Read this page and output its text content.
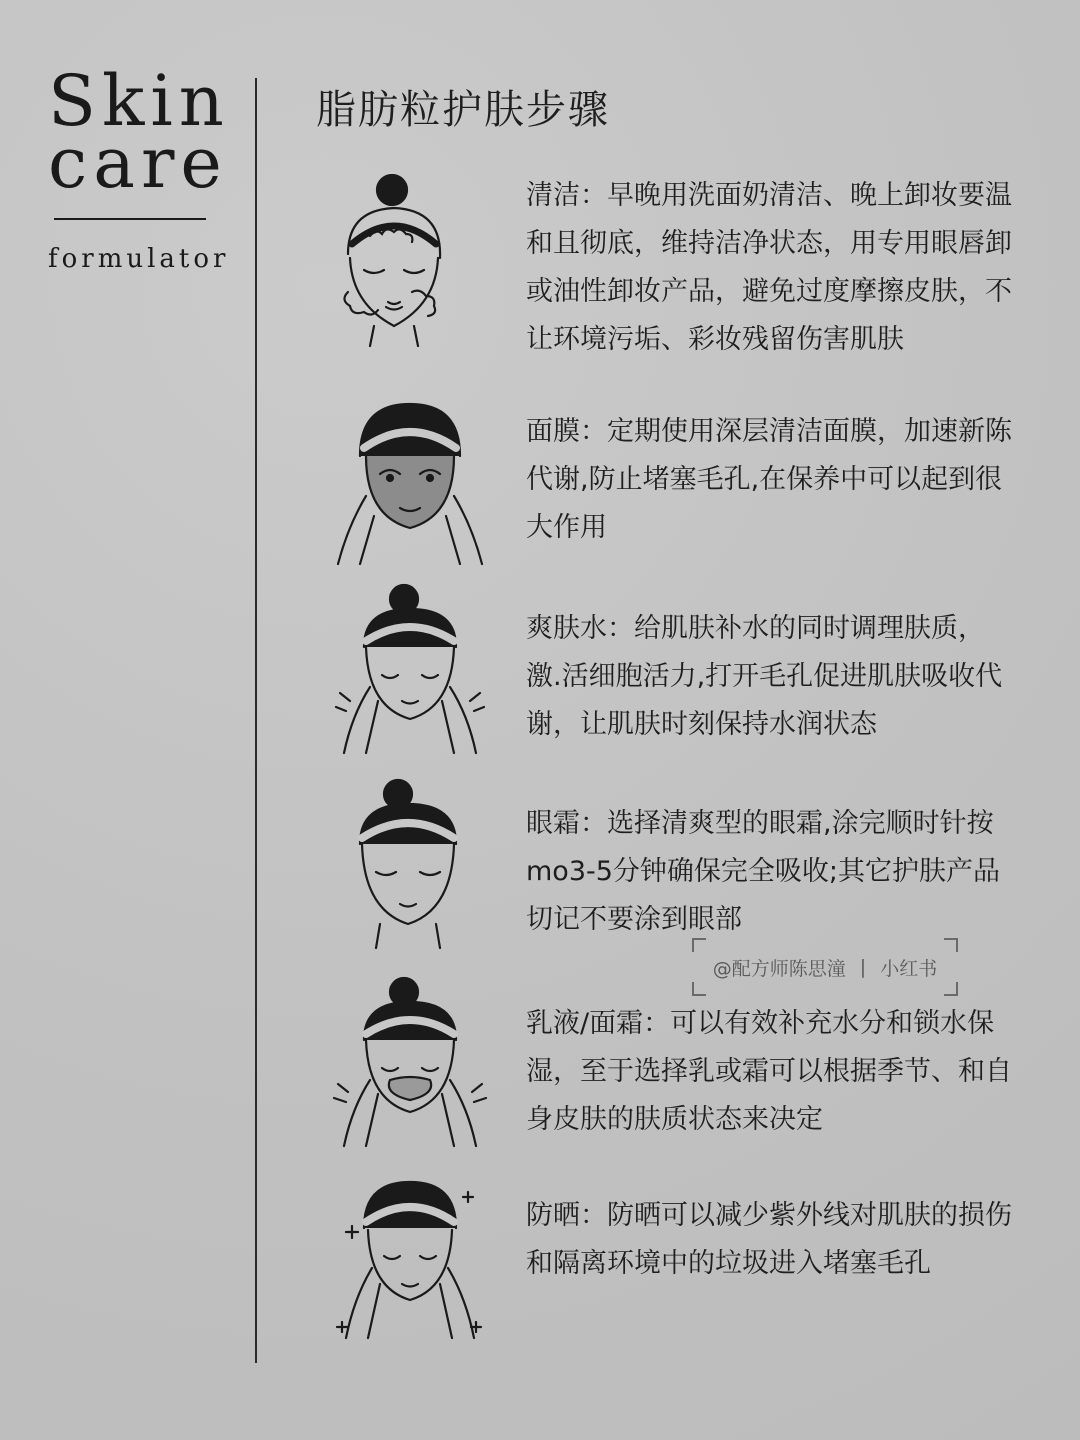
Skin

care

formulator

脂肪粒护肤步骤

清洁：早晚用洗面奶清洁、晚上卸妆要温和且彻底，维持洁净状态，用专用眼唇卸或油性卸妆产品，避免过度摩擦皮肤，不让环境污垢、彩妆残留伤害肌肤

面膜：定期使用深层清洁面膜，加速新陈代谢,防止堵塞毛孔,在保养中可以起到很大作用

爽肤水：给肌肤补水的同时调理肤质，激.活细胞活力,打开毛孔促进肌肤吸收代谢，让肌肤时刻保持水润状态

眼霜：选择清爽型的眼霜,涂完顺时针按mo3-5分钟确保完全吸收;其它护肤产品切记不要涂到眼部

@配方师陈思潼 | 小红书

乳液/面霜：可以有效补充水分和锁水保湿，至于选择乳或霜可以根据季节、和自身皮肤的肤质状态来决定

防晒：防晒可以减少紫外线对肌肤的损伤和隔离环境中的垃圾进入堵塞毛孔
